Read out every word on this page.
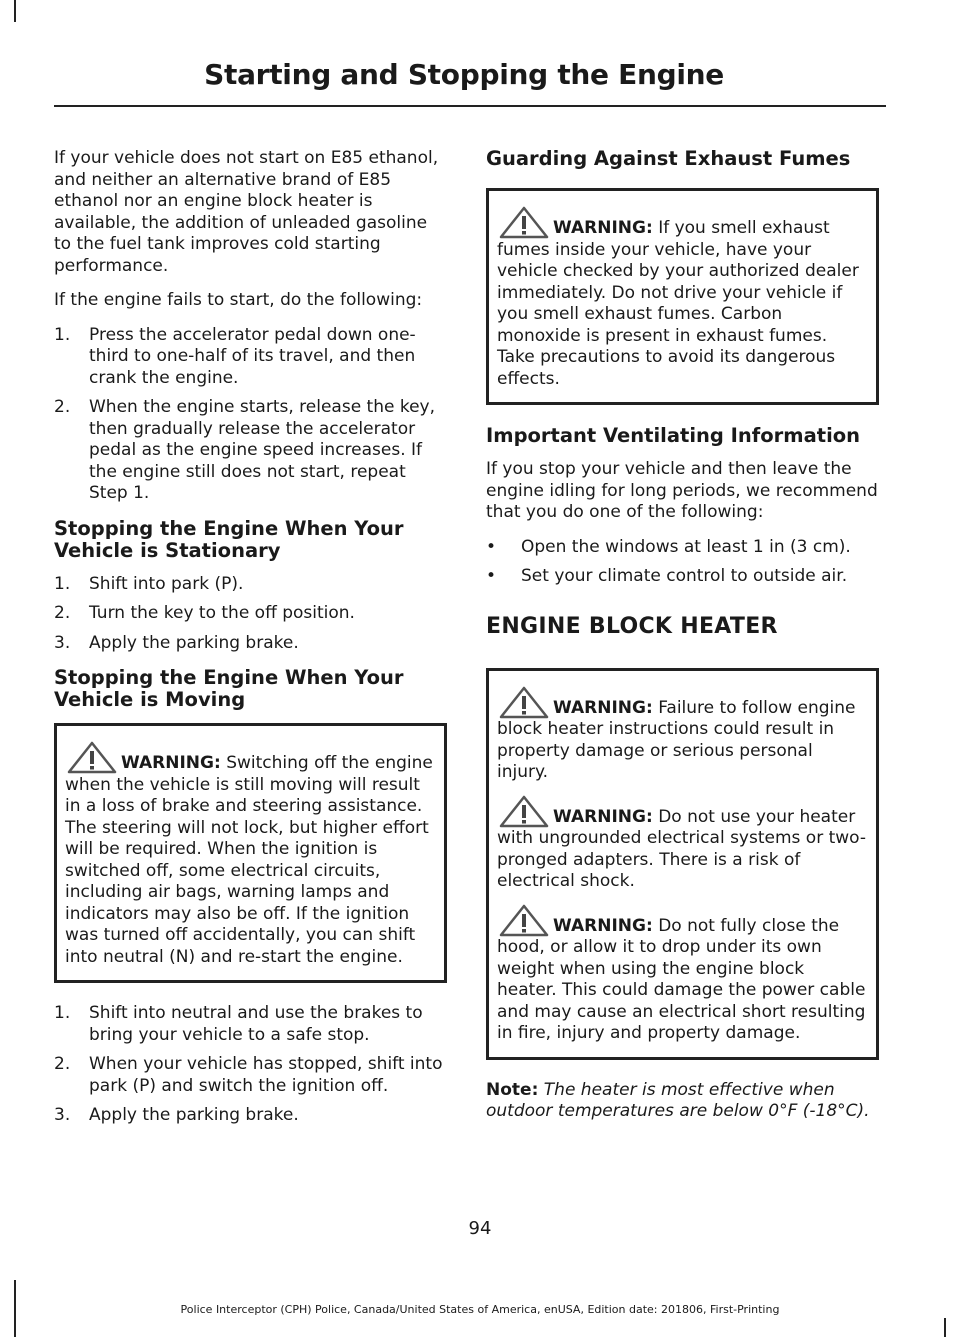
Starting and Stopping the Engine

If your vehicle does not start on E85 ethanol, and neither an alternative brand of E85 ethanol nor an engine block heater is available, the addition of unleaded gasoline to the fuel tank improves cold starting performance.

If the engine fails to start, do the following:

1. Press the accelerator pedal down one-third to one-half of its travel, and then crank the engine.
2. When the engine starts, release the key, then gradually release the accelerator pedal as the engine speed increases. If the engine still does not start, repeat Step 1.
Stopping the Engine When Your Vehicle is Stationary
1. Shift into park (P).
2. Turn the key to the off position.
3. Apply the parking brake.
Stopping the Engine When Your Vehicle is Moving
WARNING: Switching off the engine when the vehicle is still moving will result in a loss of brake and steering assistance. The steering will not lock, but higher effort will be required. When the ignition is switched off, some electrical circuits, including air bags, warning lamps and indicators may also be off. If the ignition was turned off accidentally, you can shift into neutral (N) and re-start the engine.
1. Shift into neutral and use the brakes to bring your vehicle to a safe stop.
2. When your vehicle has stopped, shift into park (P) and switch the ignition off.
3. Apply the parking brake.
Guarding Against Exhaust Fumes
WARNING: If you smell exhaust fumes inside your vehicle, have your vehicle checked by your authorized dealer immediately. Do not drive your vehicle if you smell exhaust fumes. Carbon monoxide is present in exhaust fumes. Take precautions to avoid its dangerous effects.
Important Ventilating Information

If you stop your vehicle and then leave the engine idling for long periods, we recommend that you do one of the following:

• Open the windows at least 1 in (3 cm).
• Set your climate control to outside air.
ENGINE BLOCK HEATER
WARNING: Failure to follow engine block heater instructions could result in property damage or serious personal injury.
WARNING: Do not use your heater with ungrounded electrical systems or two-pronged adapters. There is a risk of electrical shock.
WARNING: Do not fully close the hood, or allow it to drop under its own weight when using the engine block heater. This could damage the power cable and may cause an electrical short resulting in fire, injury and property damage.

Note: The heater is most effective when outdoor temperatures are below 0°F (-18°C).

94
Police Interceptor (CPH) Police, Canada/United States of America, enUSA, Edition date: 201806, First-Printing
